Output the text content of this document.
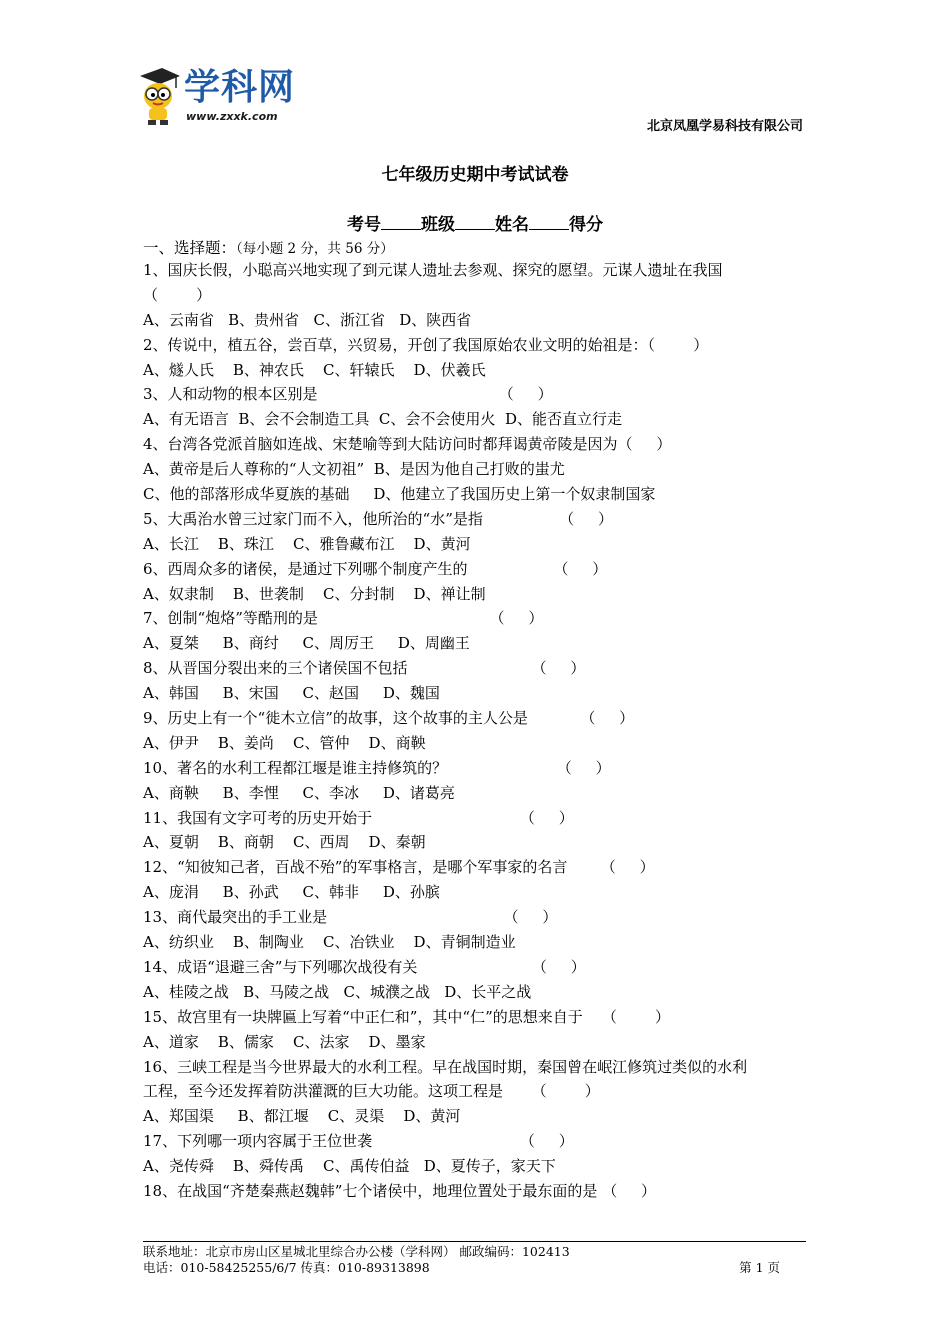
学科网
www.zxxk.com
北京凤凰学易科技有限公司
七年级历史期中考试试卷
考号 班级 姓名 得分
一、选择题：（每小题 2 分，共 56 分）
1、国庆长假，小聪高兴地实现了到元谋人遗址去参观、探究的愿望。元谋人遗址在我国
（        ）
A、云南省   B、贵州省   C、浙江省   D、陕西省
2、传说中，植五谷，尝百草，兴贸易，开创了我国原始农业文明的始祖是：（        ）
A、燧人氏    B、神农氏    C、轩辕氏    D、伏羲氏
3、人和动物的根本区别是                                      （     ）
A、有无语言  B、会不会制造工具  C、会不会使用火  D、能否直立行走
4、台湾各党派首脑如连战、宋楚喻等到大陆访问时都拜谒黄帝陵是因为（     ）
A、黄帝是后人尊称的“人文初祖”  B、是因为他自己打败的蚩尤
C、他的部落形成华夏族的基础     D、他建立了我国历史上第一个奴隶制国家
5、大禹治水曾三过家门而不入，他所治的“水”是指                （     ）
A、长江    B、珠江    C、雅鲁藏布江    D、黄河
6、西周众多的诸侯，是通过下列哪个制度产生的                  （     ）
A、奴隶制    B、世袭制    C、分封制    D、禅让制
7、创制“炮烙”等酷刑的是                                    （     ）
A、夏桀     B、商纣     C、周厉王     D、周幽王
8、从晋国分裂出来的三个诸侯国不包括                          （     ）
A、韩国     B、宋国     C、赵国     D、魏国
9、历史上有一个“徙木立信”的故事，这个故事的主人公是           （     ）
A、伊尹    B、姜尚    C、管仲    D、商鞅
10、著名的水利工程都江堰是谁主持修筑的？                       （     ）
A、商鞅     B、李悝     C、李冰     D、诸葛亮
11、我国有文字可考的历史开始于                               （     ）
A、夏朝    B、商朝    C、西周    D、秦朝
12、“知彼知己者，百战不殆”的军事格言，是哪个军事家的名言       （     ）
A、庞涓     B、孙武     C、韩非     D、孙膑
13、商代最突出的手工业是                                     （     ）
A、纺织业    B、制陶业    C、冶铁业    D、青铜制造业
14、成语“退避三舍”与下列哪次战役有关                        （     ）
A、桂陵之战   B、马陵之战   C、城濮之战   D、长平之战
15、故宫里有一块牌匾上写着“中正仁和”，其中“仁”的思想来自于    （        ）
A、道家    B、儒家    C、法家    D、墨家
16、三峡工程是当今世界最大的水利工程。早在战国时期，秦国曾在岷江修筑过类似的水利
工程，至今还发挥着防洪灌溉的巨大功能。这项工程是      （        ）
A、郑国渠     B、都江堰    C、灵渠    D、黄河
17、下列哪一项内容属于王位世袭                               （     ）
A、尧传舜    B、舜传禹    C、禹传伯益   D、夏传子，家天下
18、在战国“齐楚秦燕赵魏韩”七个诸侯中，地理位置处于最东面的是 （     ）
联系地址：北京市房山区星城北里综合办公楼（学科网） 邮政编码：102413
电话：010-58425255/6/7 传真：010-89313898	第 1 页
